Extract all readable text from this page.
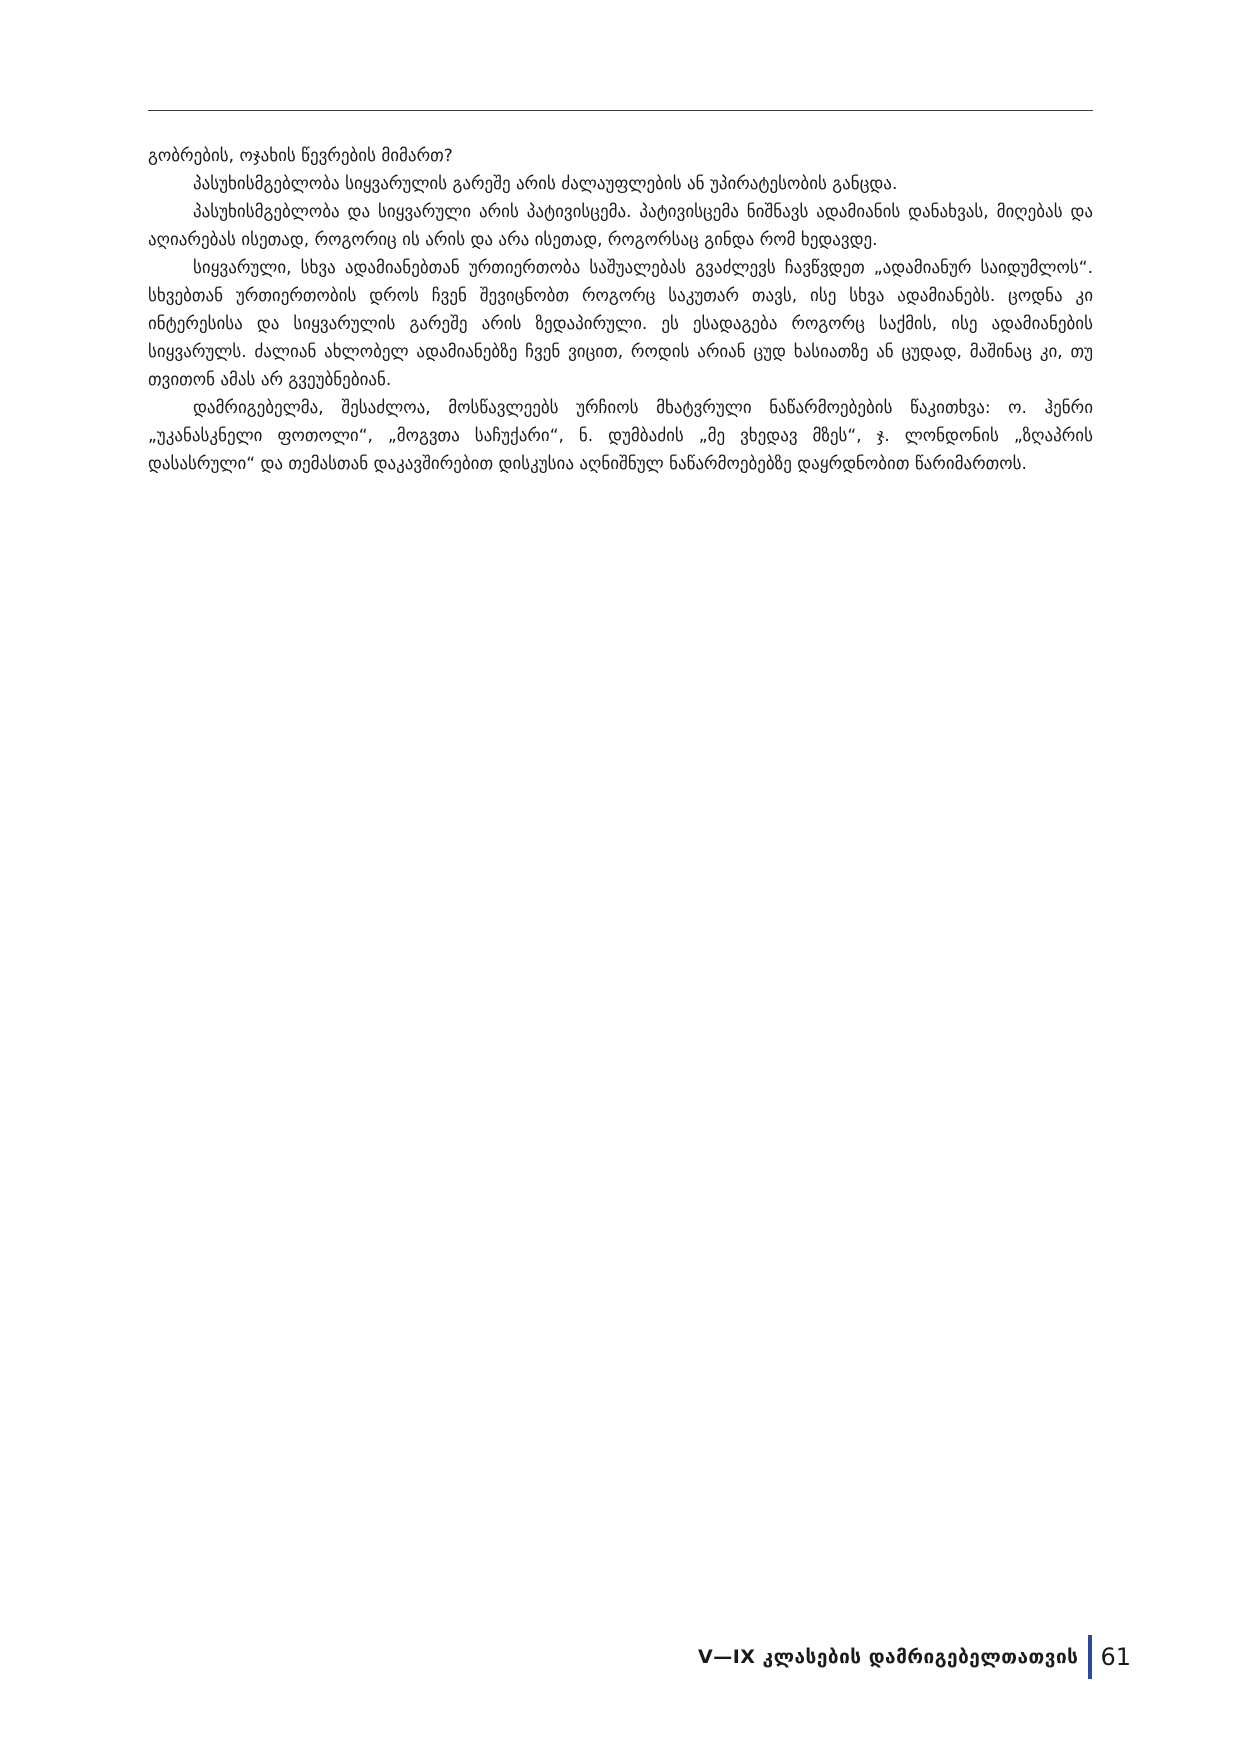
გობრების, ოჯახის წევრების მიმართ?

პასუხისმგებლობა სიყვარულის გარეშე არის ძალაუფლების ან უპირატესობის განცდა.

პასუხისმგებლობა და სიყვარული არის პატივისცემა. პატივისცემა ნიშნავს ადამიანის დანახვას, მიღებას და აღიარებას ისეთად, როგორიც ის არის და არა ისეთად, როგორსაც გინდა რომ ხედავდე.

სიყვარული, სხვა ადამიანებთან ურთიერთობა საშუალებას გვაძლევს ჩავწვდეთ „ადამიანურ საიდუმლოს“. სხვებთან ურთიერთობის დროს ჩვენ შევიცნობთ როგორც საკუთარ თავს, ისე სხვა ადამიანებს. ცოდნა კი ინტერესისა და სიყვარულის გარეშე არის ზედაპირული. ეს ესადაგება როგორც საქმის, ისე ადამიანების სიყვარულს. ძალიან ახლობელ ადამიანებზე ჩვენ ვიცით, როდის არიან ცუდ ხასიათზე ან ცუდად, მაშინაც კი, თუ თვითონ ამას არ გვეუბნებიან.

დამრიგებელმა, შესაძლოა, მოსწავლეებს ურჩიოს მხატვრული ნაწარმოებების წაკითხვა: ო. ჰენრი „უკანასკნელი ფოთოლი“, „მოგვთა საჩუქარი“, ნ. დუმბაძის „მე ვხედავ მზეს“, ჯ. ლონდონის „ზღაპრის დასასრული“ და თემასთან დაკავშირებით დისკუსია აღნიშნულ ნაწარმოებებზე დაყრდნობით წარიმართოს.

V—IX კლასების დამრიგებელთათვის 61
